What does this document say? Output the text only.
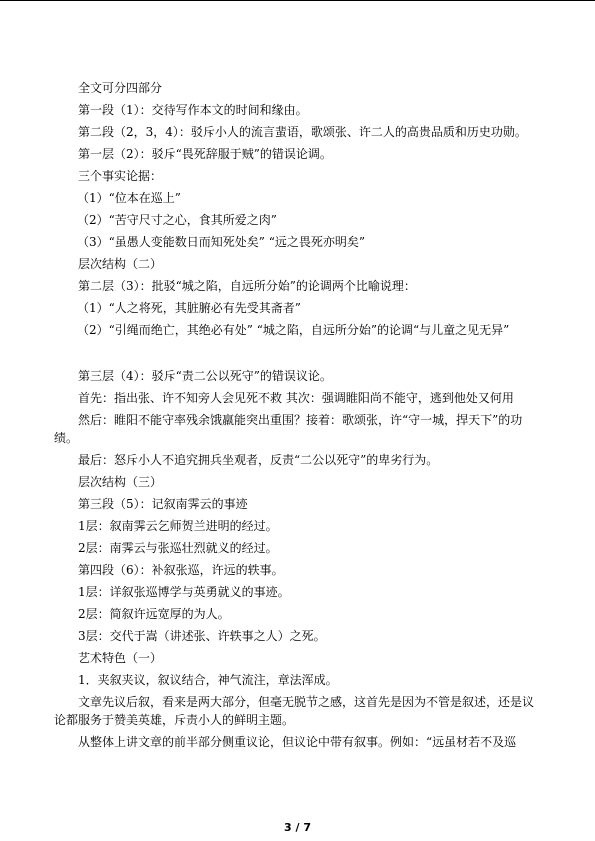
全文可分四部分
第一段（1）：交待写作本文的时间和缘由。
第二段（2，3，4）：驳斥小人的流言蜚语，歌颂张、许二人的高贵品质和历史功勋。
第一层（2）：驳斥“畏死辞服于贼”的错误论调。
三个事实论据：
（1）“位本在巡上”
（2）“苦守尺寸之心，食其所爱之肉”
（3）“虽愚人变能数日而知死处矣” “远之畏死亦明矣”
层次结构（二）
第二层（3）：批驳“城之陷，自远所分始”的论调两个比喻说理：
（1）“人之将死，其脏腑必有先受其斋者”
（2）“引绳而绝亡，其绝必有处” “城之陷，自远所分始”的论调“与儿童之见无异”
第三层（4）：驳斥“责二公以死守”的错误议论。
首先：指出张、许不知旁人会见死不救 其次：强调睢阳尚不能守，逃到他处又何用
然后：睢阳不能守率残余饿羸能突出重围？接着：歌颂张，许“守一城，捍天下”的功
绩。
最后：怒斥小人不追究拥兵坐观者，反责“二公以死守”的卑劣行为。
层次结构（三）
第三段（5）：记叙南霁云的事迹
1层：叙南霁云乞师贺兰进明的经过。
2层：南霁云与张巡壮烈就义的经过。
第四段（6）：补叙张巡，许远的轶事。
1层：详叙张巡博学与英勇就义的事迹。
2层：简叙许远宽厚的为人。
3层：交代于嵩（讲述张、许轶事之人）之死。
艺术特色（一）
1．夹叙夹议，叙议结合，神气流注，章法浑成。
文章先议后叙，看来是两大部分，但毫无脱节之感，这首先是因为不管是叙述，还是议
论都服务于赞美英雄，斥责小人的鲜明主题。
从整体上讲文章的前半部分侧重议论，但议论中带有叙事。例如：“远虽材若不及巡
3 / 7
